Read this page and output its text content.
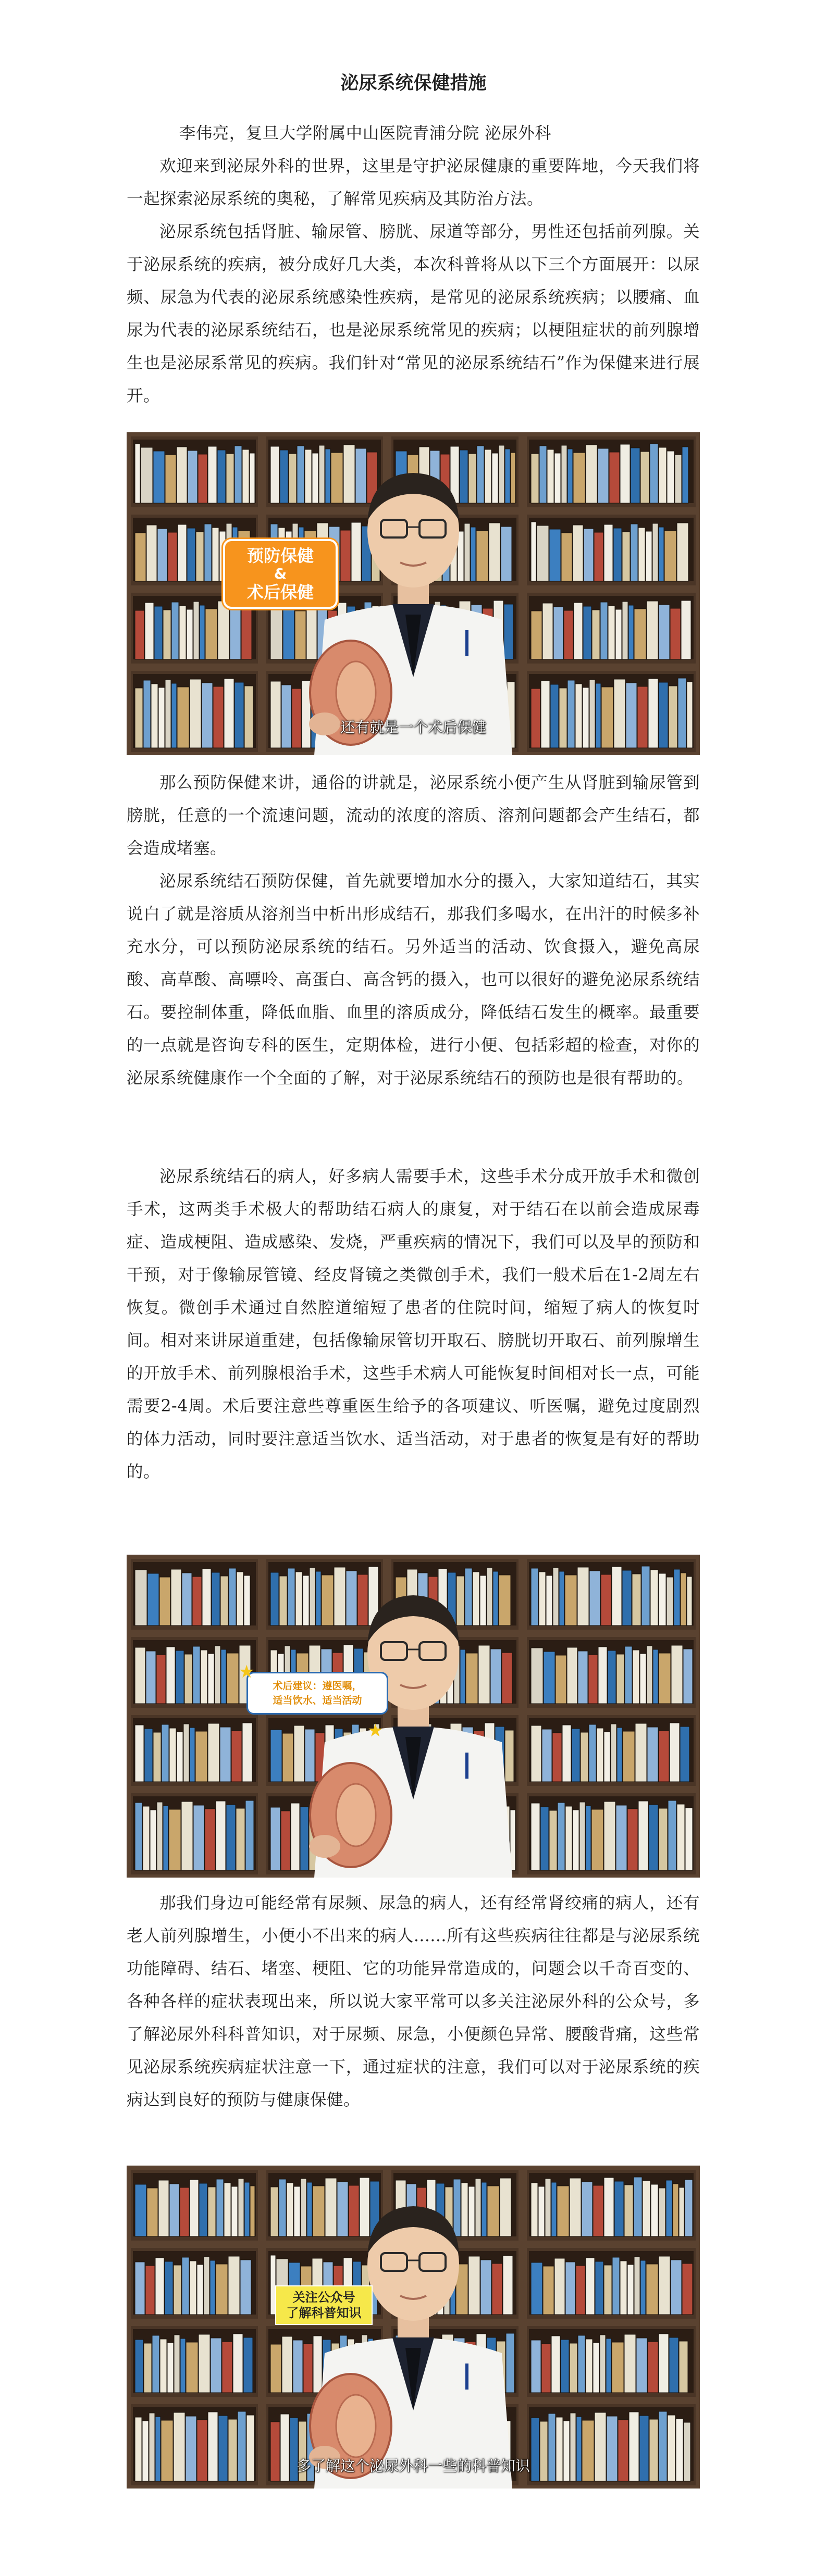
泌尿系统保健措施

李伟亮，复旦大学附属中山医院青浦分院 泌尿外科

欢迎来到泌尿外科的世界，这里是守护泌尿健康的重要阵地，今天我们将一起探索泌尿系统的奥秘，了解常见疾病及其防治方法。

泌尿系统包括肾脏、输尿管、膀胱、尿道等部分，男性还包括前列腺。关于泌尿系统的疾病，被分成好几大类，本次科普将从以下三个方面展开：以尿频、尿急为代表的泌尿系统感染性疾病，是常见的泌尿系统疾病；以腰痛、血尿为代表的泌尿系统结石，也是泌尿系统常见的疾病；以梗阻症状的前列腺增生也是泌尿系常见的疾病。我们针对“常见的泌尿系统结石”作为保健来进行展开。

预防保健
&
术后保健
还有就是一个术后保健

那么预防保健来讲，通俗的讲就是，泌尿系统小便产生从肾脏到输尿管到膀胱，任意的一个流速问题，流动的浓度的溶质、溶剂问题都会产生结石，都会造成堵塞。

泌尿系统结石预防保健，首先就要增加水分的摄入，大家知道结石，其实说白了就是溶质从溶剂当中析出形成结石，那我们多喝水，在出汗的时候多补充水分，可以预防泌尿系统的结石。另外适当的活动、饮食摄入，避免高尿酸、高草酸、高嘌呤、高蛋白、高含钙的摄入，也可以很好的避免泌尿系统结石。要控制体重，降低血脂、血里的溶质成分，降低结石发生的概率。最重要的一点就是咨询专科的医生，定期体检，进行小便、包括彩超的检查，对你的泌尿系统健康作一个全面的了解，对于泌尿系统结石的预防也是很有帮助的。

泌尿系统结石的病人，好多病人需要手术，这些手术分成开放手术和微创手术，这两类手术极大的帮助结石病人的康复，对于结石在以前会造成尿毒症、造成梗阻、造成感染、发烧，严重疾病的情况下，我们可以及早的预防和干预，对于像输尿管镜、经皮肾镜之类微创手术，我们一般术后在1-2周左右恢复。微创手术通过自然腔道缩短了患者的住院时间，缩短了病人的恢复时间。相对来讲尿道重建，包括像输尿管切开取石、膀胱切开取石、前列腺增生的开放手术、前列腺根治手术，这些手术病人可能恢复时间相对长一点，可能需要2-4周。术后要注意些尊重医生给予的各项建议、听医嘱，避免过度剧烈的体力活动，同时要注意适当饮水、适当活动，对于患者的恢复是有好的帮助的。

★
★
术后建议：遵医嘱，
适当饮水、适当活动

那我们身边可能经常有尿频、尿急的病人，还有经常肾绞痛的病人，还有老人前列腺增生，小便小不出来的病人......所有这些疾病往往都是与泌尿系统功能障碍、结石、堵塞、梗阻、它的功能异常造成的，问题会以千奇百变的、各种各样的症状表现出来，所以说大家平常可以多关注泌尿外科的公众号，多了解泌尿外科科普知识，对于尿频、尿急，小便颜色异常、腰酸背痛，这些常见泌尿系统疾病症状注意一下，通过症状的注意，我们可以对于泌尿系统的疾病达到良好的预防与健康保健。

关注公众号
了解科普知识
多了解这个泌尿外科一些的科普知识
